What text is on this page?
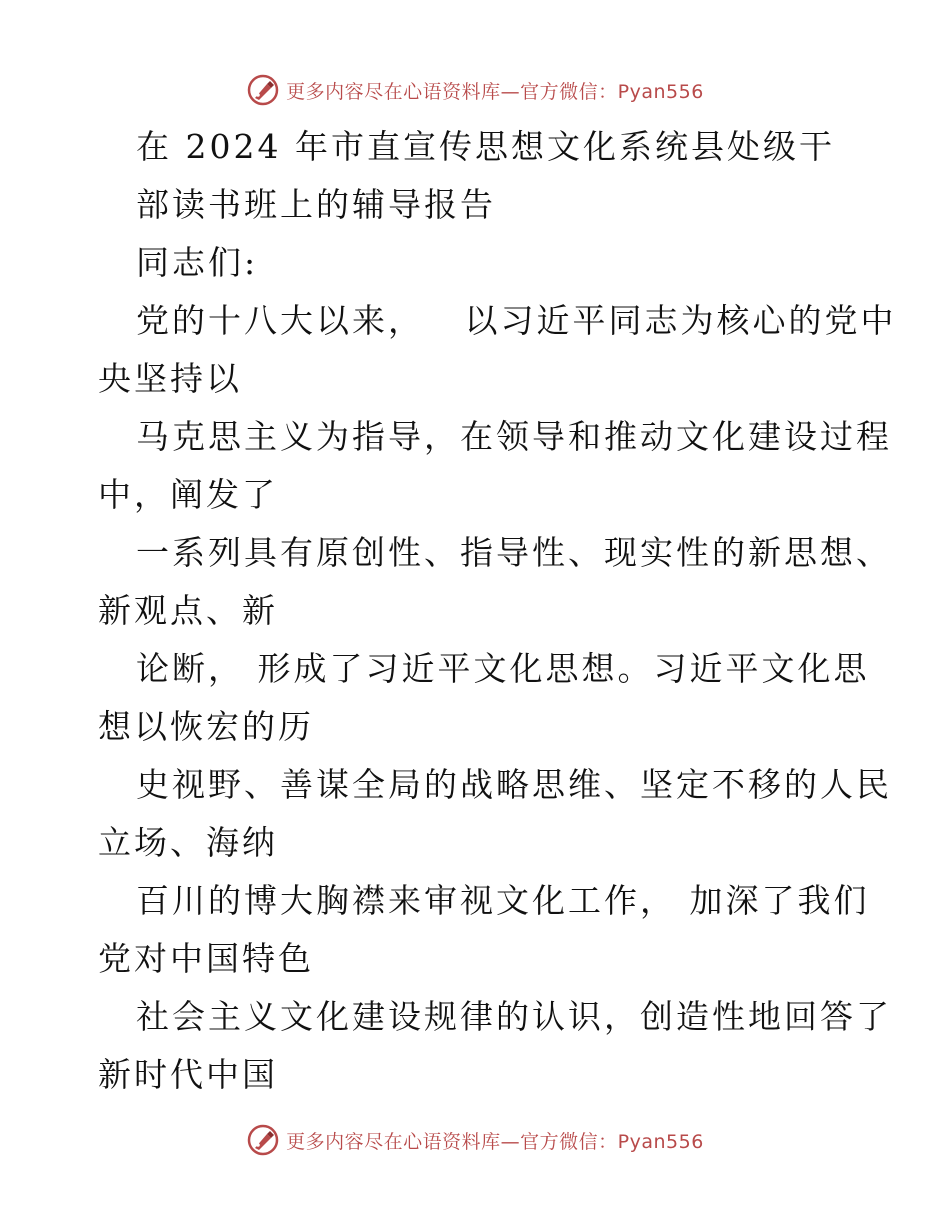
更多内容尽在心语资料库—官方微信：Pyan556
在 2024 年市直宣传思想文化系统县处级干
部读书班上的辅导报告
同志们:
党的十八大以来，   以习近平同志为核心的党中
央坚持以
马克思主义为指导，在领导和推动文化建设过程
中，阐发了
一系列具有原创性、指导性、现实性的新思想、
新观点、新
论断， 形成了习近平文化思想。习近平文化思
想以恢宏的历
史视野、善谋全局的战略思维、坚定不移的人民
立场、海纳
百川的博大胸襟来审视文化工作， 加深了我们
党对中国特色
社会主义文化建设规律的认识，创造性地回答了
新时代中国
更多内容尽在心语资料库—官方微信：Pyan556
